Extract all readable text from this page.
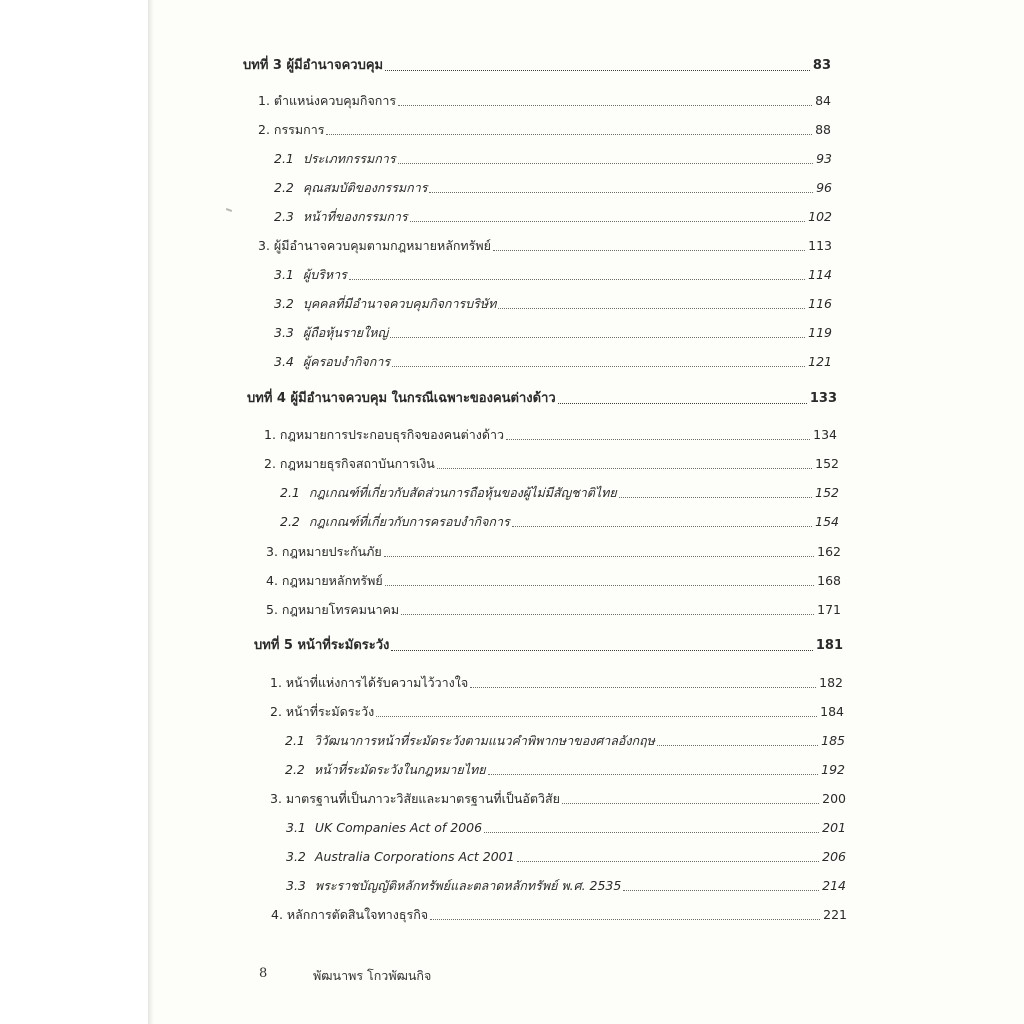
บทที่ 3 ผู้มีอำนาจควบคุม	83
1. ตำแหน่งควบคุมกิจการ	84
2. กรรมการ	88
2.1 ประเภทกรรมการ	93
2.2 คุณสมบัติของกรรมการ	96
2.3 หน้าที่ของกรรมการ	102
3. ผู้มีอำนาจควบคุมตามกฎหมายหลักทรัพย์	113
3.1 ผู้บริหาร	114
3.2 บุคคลที่มีอำนาจควบคุมกิจการบริษัท	116
3.3 ผู้ถือหุ้นรายใหญ่	119
3.4 ผู้ครอบงำกิจการ	121
บทที่ 4 ผู้มีอำนาจควบคุม ในกรณีเฉพาะของคนต่างด้าว	133
1. กฎหมายการประกอบธุรกิจของคนต่างด้าว	134
2. กฎหมายธุรกิจสถาบันการเงิน	152
2.1 กฎเกณฑ์ที่เกี่ยวกับสัดส่วนการถือหุ้นของผู้ไม่มีสัญชาติไทย	152
2.2 กฎเกณฑ์ที่เกี่ยวกับการครอบงำกิจการ	154
3. กฎหมายประกันภัย	162
4. กฎหมายหลักทรัพย์	168
5. กฎหมายโทรคมนาคม	171
บทที่ 5 หน้าที่ระมัดระวัง	181
1. หน้าที่แห่งการได้รับความไว้วางใจ	182
2. หน้าที่ระมัดระวัง	184
2.1 วิวัฒนาการหน้าที่ระมัดระวังตามแนวคำพิพากษาของศาลอังกฤษ	185
2.2 หน้าที่ระมัดระวังในกฎหมายไทย	192
3. มาตรฐานที่เป็นภาวะวิสัยและมาตรฐานที่เป็นอัตวิสัย	200
3.1 UK Companies Act of 2006	201
3.2 Australia Corporations Act 2001	206
3.3 พระราชบัญญัติหลักทรัพย์และตลาดหลักทรัพย์ พ.ศ. 2535	214
4. หลักการตัดสินใจทางธุรกิจ	221
8	พัฒนาพร โกวพัฒนกิจ
